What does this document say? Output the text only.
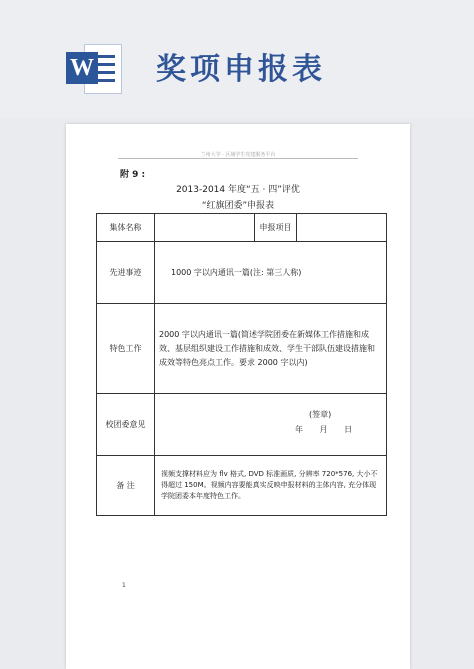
W 奖项申报表
兰州大学 · 区域学生党建服务平台
附 9 :
2013-2014 年度“五 · 四”评优
“红旗团委”申报表
集体名称		申报项目	
先进事迹	1000 字以内通讯一篇(注: 第三人称)		
特色工作	2000 字以内通讯一篇(简述学院团委在新媒体工作措施和成效、基层组织建设工作措施和成效、学生干部队伍建设措施和成效等特色亮点工作。要求 2000 字以内)		
校团委意见	(签章)
年 月 日		

备 注	视频支撑材料应为 flv 格式, DVD 标准画质, 分辨率 720*576, 大小不得超过 150M。视频内容要能真实反映申报材料的主体内容, 充分体现学院团委本年度特色工作。		
1
